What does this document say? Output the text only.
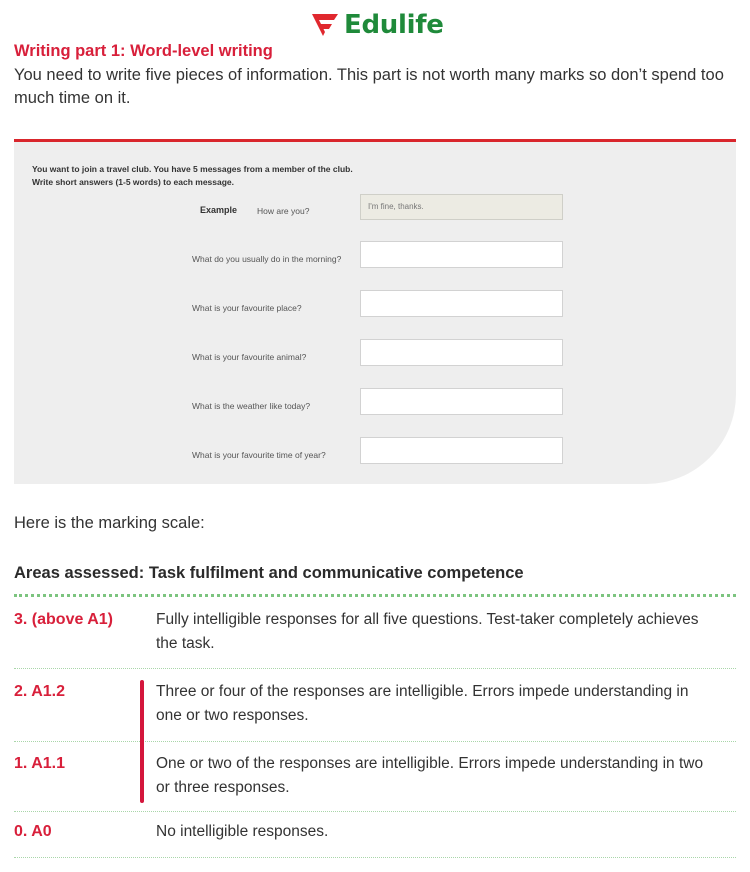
Edulife
Writing part 1: Word-level writing

You need to write five pieces of information. This part is not worth many marks so don’t spend too much time on it.

You want to join a travel club. You have 5 messages from a member of the club.
Write short answers (1-5 words) to each message.

Example How are you?	I'm fine, thanks.
What do you usually do in the morning?
What is your favourite place?
What is your favourite animal?
What is the weather like today?
What is your favourite time of year?

Here is the marking scale:

Areas assessed: Task fulfilment and communicative competence
3. (above A1)	Fully intelligible responses for all five questions. Test-taker completely achieves
the task.
2. A1.2	Three or four of the responses are intelligible. Errors impede understanding in
one or two responses.
1. A1.1	One or two of the responses are intelligible. Errors impede understanding in two
or three responses.
0. A0	No intelligible responses.
